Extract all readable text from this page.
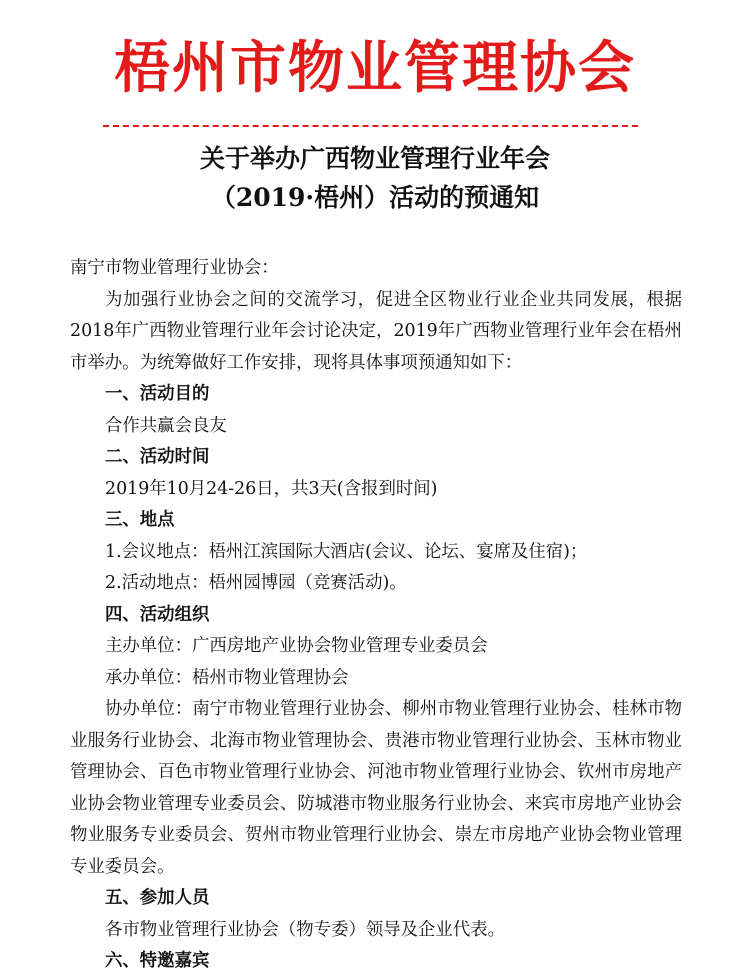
梧州市物业管理协会
关于举办广西物业管理行业年会
（2019·梧州）活动的预通知

南宁市物业管理行业协会：

为加强行业协会之间的交流学习，促进全区物业行业企业共同发展，根据2018年广西物业管理行业年会讨论决定，2019年广西物业管理行业年会在梧州市举办。为统筹做好工作安排，现将具体事项预通知如下：

一、活动目的

合作共赢会良友

二、活动时间

2019年10月24-26日，共3天(含报到时间)

三、地点

1.会议地点：梧州江滨国际大酒店(会议、论坛、宴席及住宿)；

2.活动地点：梧州园博园（竞赛活动)。

四、活动组织

主办单位：广西房地产业协会物业管理专业委员会

承办单位：梧州市物业管理协会

协办单位：南宁市物业管理行业协会、柳州市物业管理行业协会、桂林市物业服务行业协会、北海市物业管理协会、贵港市物业管理行业协会、玉林市物业管理协会、百色市物业管理行业协会、河池市物业管理行业协会、钦州市房地产业协会物业管理专业委员会、防城港市物业服务行业协会、来宾市房地产业协会物业服务专业委员会、贺州市物业管理行业协会、崇左市房地产业协会物业管理专业委员会。

五、参加人员

各市物业管理行业协会（物专委）领导及企业代表。

六、特邀嘉宾
